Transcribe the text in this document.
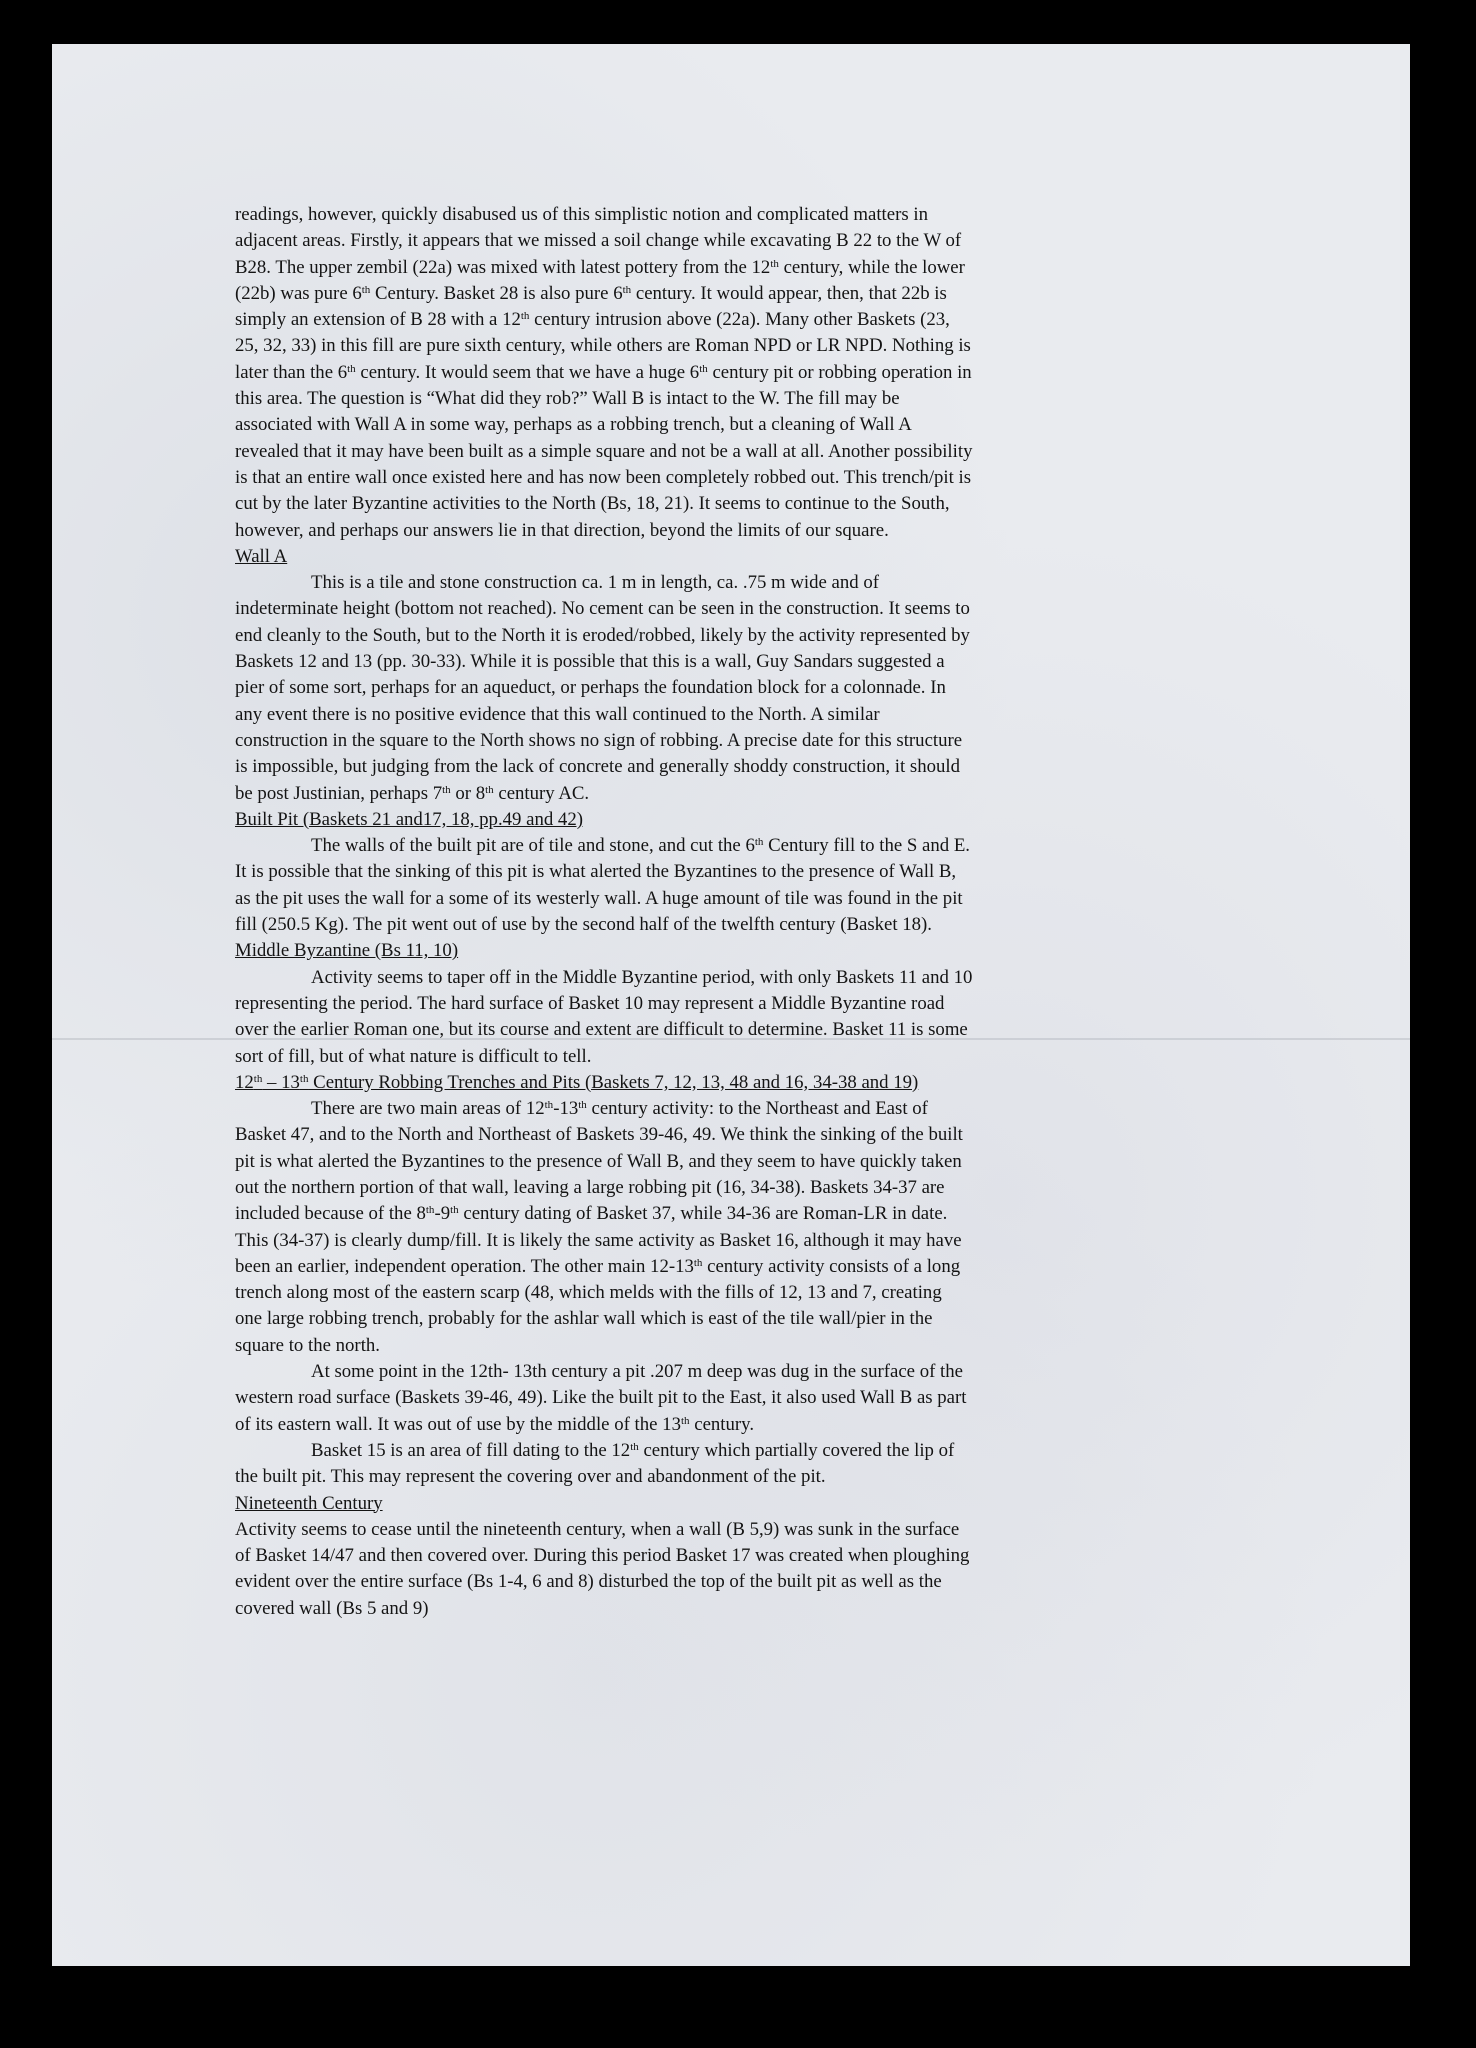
readings, however, quickly disabused us of this simplistic notion and complicated matters in adjacent areas. Firstly, it appears that we missed a soil change while excavating B 22 to the W of B28. The upper zembil (22a) was mixed with latest pottery from the 12th century, while the lower (22b) was pure 6th Century. Basket 28 is also pure 6th century. It would appear, then, that 22b is simply an extension of B 28 with a 12th century intrusion above (22a). Many other Baskets (23, 25, 32, 33) in this fill are pure sixth century, while others are Roman NPD or LR NPD. Nothing is later than the 6th century. It would seem that we have a huge 6th century pit or robbing operation in this area. The question is “What did they rob?” Wall B is intact to the W. The fill may be associated with Wall A in some way, perhaps as a robbing trench, but a cleaning of Wall A revealed that it may have been built as a simple square and not be a wall at all. Another possibility is that an entire wall once existed here and has now been completely robbed out. This trench/pit is cut by the later Byzantine activities to the North (Bs, 18, 21). It seems to continue to the South, however, and perhaps our answers lie in that direction, beyond the limits of our square.

Wall A

This is a tile and stone construction ca. 1 m in length, ca. .75 m wide and of indeterminate height (bottom not reached). No cement can be seen in the construction. It seems to end cleanly to the South, but to the North it is eroded/robbed, likely by the activity represented by Baskets 12 and 13 (pp. 30-33). While it is possible that this is a wall, Guy Sandars suggested a pier of some sort, perhaps for an aqueduct, or perhaps the foundation block for a colonnade. In any event there is no positive evidence that this wall continued to the North. A similar construction in the square to the North shows no sign of robbing. A precise date for this structure is impossible, but judging from the lack of concrete and generally shoddy construction, it should be post Justinian, perhaps 7th or 8th century AC.

Built Pit (Baskets 21 and17, 18, pp.49 and 42)

The walls of the built pit are of tile and stone, and cut the 6th Century fill to the S and E. It is possible that the sinking of this pit is what alerted the Byzantines to the presence of Wall B, as the pit uses the wall for a some of its westerly wall. A huge amount of tile was found in the pit fill (250.5 Kg). The pit went out of use by the second half of the twelfth century (Basket 18).

Middle Byzantine (Bs 11, 10)

Activity seems to taper off in the Middle Byzantine period, with only Baskets 11 and 10 representing the period. The hard surface of Basket 10 may represent a Middle Byzantine road over the earlier Roman one, but its course and extent are difficult to determine. Basket 11 is some sort of fill, but of what nature is difficult to tell.

12th – 13th Century Robbing Trenches and Pits (Baskets 7, 12, 13, 48 and 16, 34-38 and 19)

There are two main areas of 12th-13th century activity: to the Northeast and East of Basket 47, and to the North and Northeast of Baskets 39-46, 49. We think the sinking of the built pit is what alerted the Byzantines to the presence of Wall B, and they seem to have quickly taken out the northern portion of that wall, leaving a large robbing pit (16, 34-38). Baskets 34-37 are included because of the 8th-9th century dating of Basket 37, while 34-36 are Roman-LR in date. This (34-37) is clearly dump/fill. It is likely the same activity as Basket 16, although it may have been an earlier, independent operation. The other main 12-13th century activity consists of a long trench along most of the eastern scarp (48, which melds with the fills of 12, 13 and 7, creating one large robbing trench, probably for the ashlar wall which is east of the tile wall/pier in the square to the north.

At some point in the 12th- 13th century a pit .207 m deep was dug in the surface of the western road surface (Baskets 39-46, 49). Like the built pit to the East, it also used Wall B as part of its eastern wall. It was out of use by the middle of the 13th century.

Basket 15 is an area of fill dating to the 12th century which partially covered the lip of the built pit. This may represent the covering over and abandonment of the pit.

Nineteenth Century

Activity seems to cease until the nineteenth century, when a wall (B 5,9) was sunk in the surface of Basket 14/47 and then covered over. During this period Basket 17 was created when ploughing evident over the entire surface (Bs 1-4, 6 and 8) disturbed the top of the built pit as well as the covered wall (Bs 5 and 9)
